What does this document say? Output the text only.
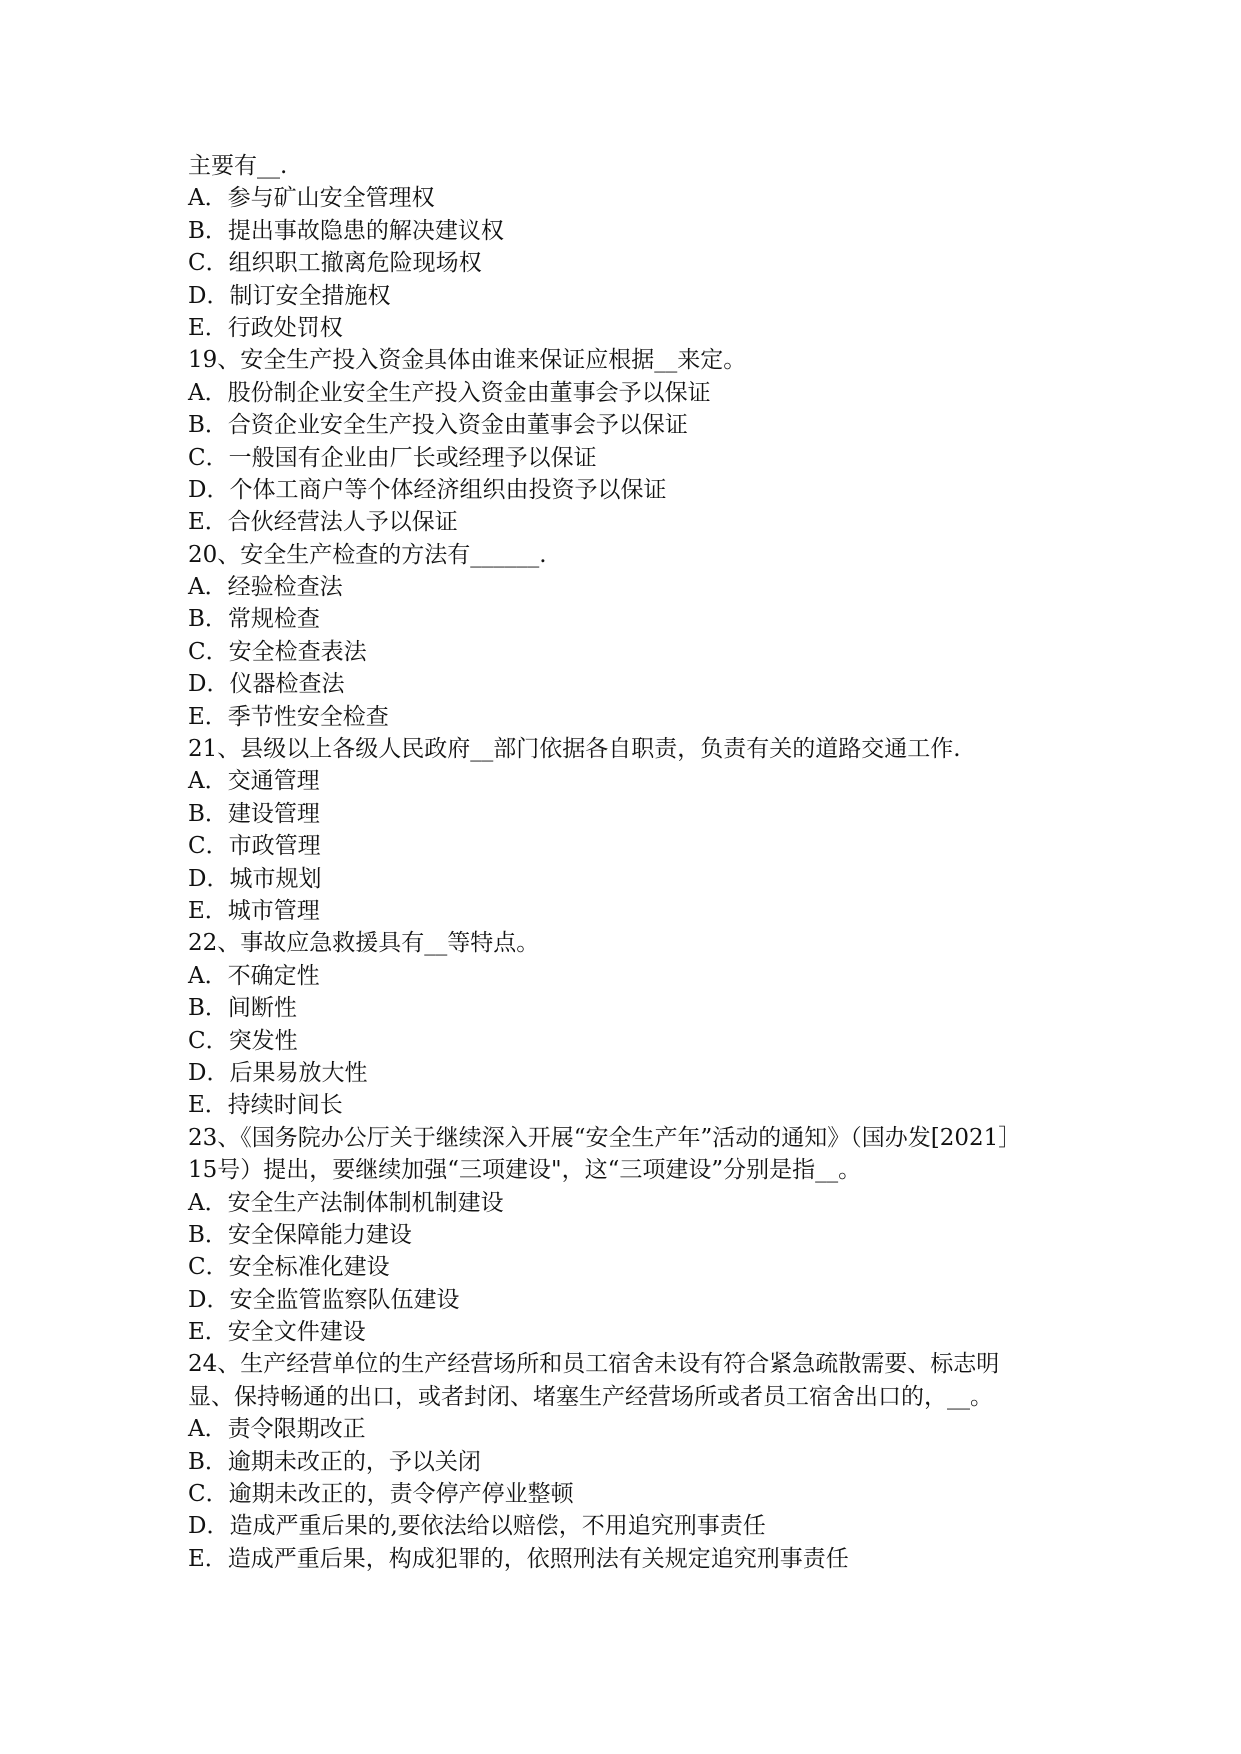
主要有__.
A．参与矿山安全管理权
B．提出事故隐患的解决建议权
C．组织职工撤离危险现场权
D．制订安全措施权
E．行政处罚权
19、安全生产投入资金具体由谁来保证应根据__来定。
A．股份制企业安全生产投入资金由董事会予以保证
B．合资企业安全生产投入资金由董事会予以保证
C．一般国有企业由厂长或经理予以保证
D．个体工商户等个体经济组织由投资予以保证
E．合伙经营法人予以保证
20、安全生产检查的方法有______.
A．经验检查法
B．常规检查
C．安全检查表法
D．仪器检查法
E．季节性安全检查
21、县级以上各级人民政府__部门依据各自职责，负责有关的道路交通工作.
A．交通管理
B．建设管理
C．市政管理
D．城市规划
E．城市管理
22、事故应急救援具有__等特点。
A．不确定性
B．间断性
C．突发性
D．后果易放大性
E．持续时间长
23、《国务院办公厅关于继续深入开展“安全生产年”活动的通知》（国办发[2021］
15号）提出，要继续加强“三项建设"，这“三项建设”分别是指__。
A．安全生产法制体制机制建设
B．安全保障能力建设
C．安全标准化建设
D．安全监管监察队伍建设
E．安全文件建设
24、生产经营单位的生产经营场所和员工宿舍未设有符合紧急疏散需要、标志明
显、保持畅通的出口，或者封闭、堵塞生产经营场所或者员工宿舍出口的，__。
A．责令限期改正
B．逾期未改正的，予以关闭
C．逾期未改正的，责令停产停业整顿
D．造成严重后果的,要依法给以赔偿，不用追究刑事责任
E．造成严重后果，构成犯罪的，依照刑法有关规定追究刑事责任
